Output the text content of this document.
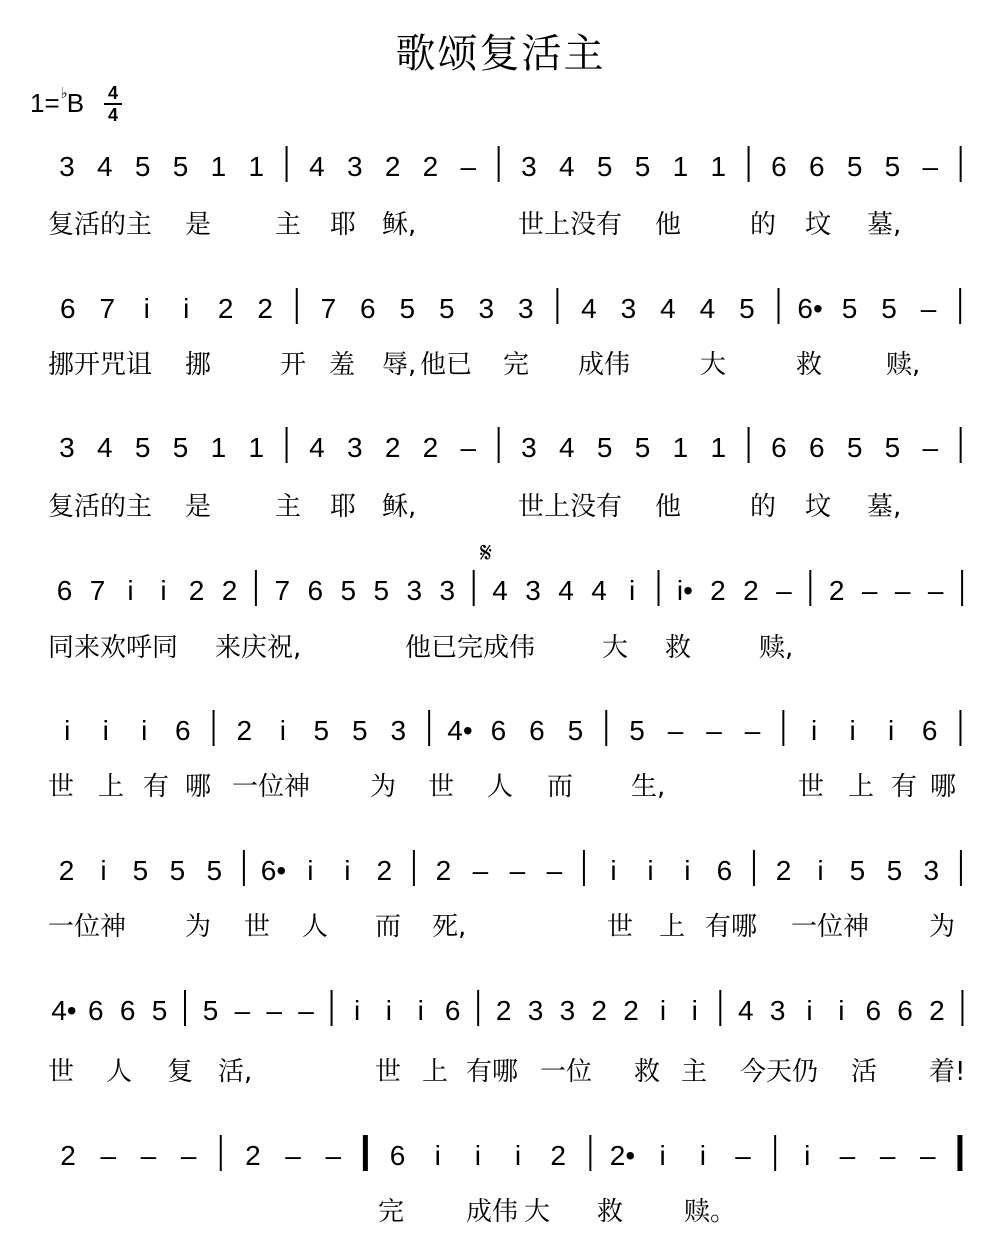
歌颂复活主
1=♭B 4
4
3 4 5 5 1 1 4 3 2 2 – 3 4 5 5 1 1 6 6 5 5 –
复活的主 是 主 耶 稣,	世上没有 他	的 坟 墓,
6 7 i i 2 2 7 6 5 5 3 3 4 3 4 4 5 6• 5 5 –
挪开咒诅 挪	开 羞 辱, 他已 完 成伟	大	救 赎,
3 4 5 5 1 1 4 3 2 2 – 3 4 5 5 1 1 6 6 5 5 –
复活的主 是 主 耶 稣,	世上没有 他	的 坟 墓,
6 7 i i 2 2 7 6 5 5 3 3 4 3 4 4 i i• 2 2 – 2 – – –
𝄋
同来欢呼同 来庆祝,	他已完成伟	大 救	赎,
i i i 6 2 i 5 5 3 4• 6 6 5 5 – – – i i i 6
世 上 有 哪 一位神 为 世 人 而 生,	世 上 有 哪
2 i 5 5 5 6• i i 2 2 – – – i i i 6 2 i 5 5 3
一位神 为 世 人 而 死,	世 上 有哪 一位神 为
4• 6 6 5 5 – – – i i i 6 2 3 3 2 2 i i 4 3 i i 6 6 2
世 人 复 活,	世 上 有哪 一位 救 主 今天仍 活 着!
2 – – – 2 – – 6 i i i 2 2• i i – i – – –
完 成伟 大 救 赎。
